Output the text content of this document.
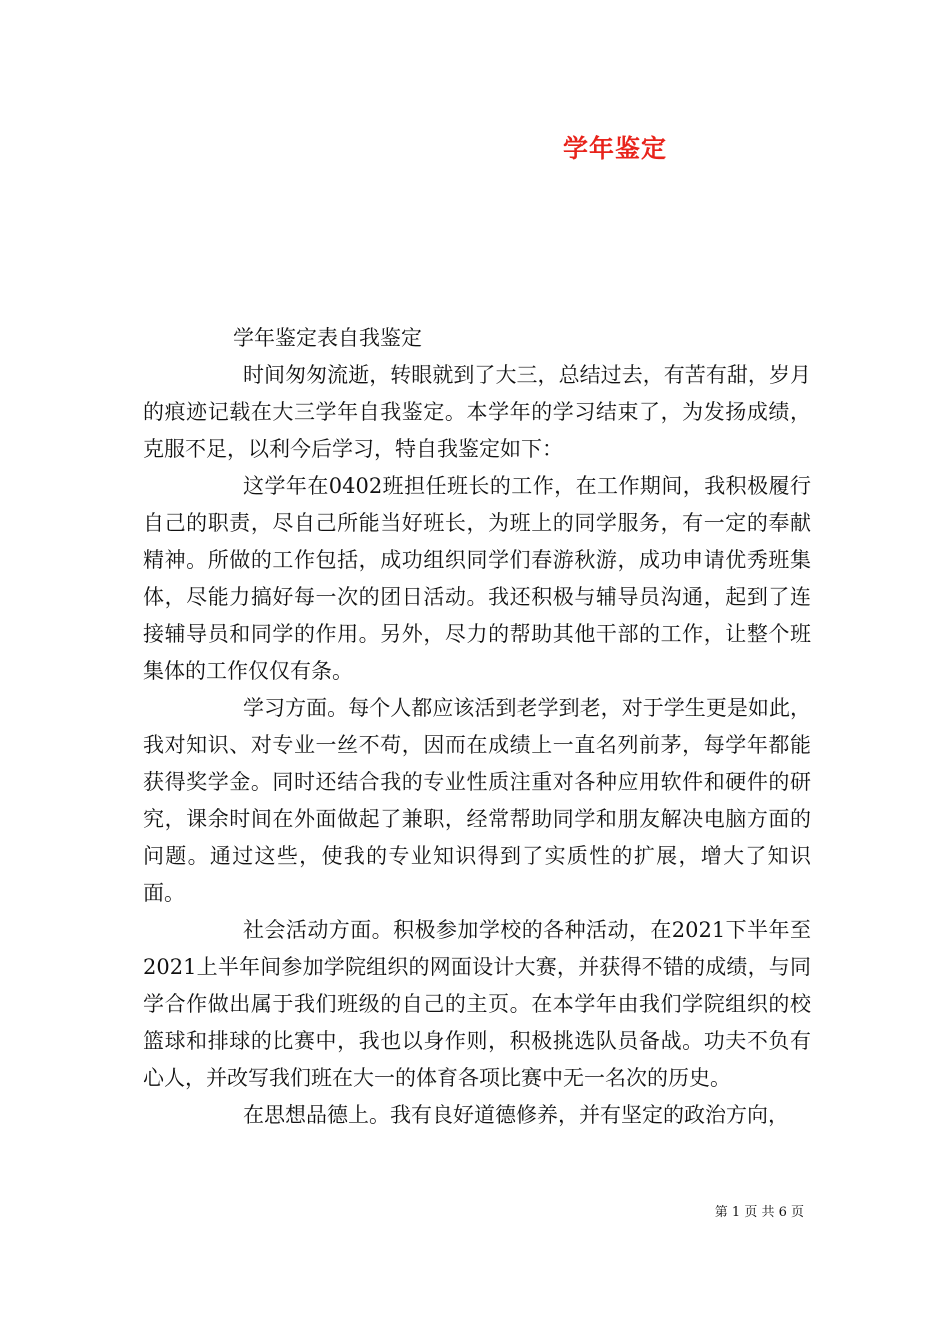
学年鉴定

学年鉴定表自我鉴定

时间匆匆流逝，转眼就到了大三，总结过去，有苦有甜，岁月的痕迹记载在大三学年自我鉴定。本学年的学习结束了，为发扬成绩，克服不足，以利今后学习，特自我鉴定如下：

这学年在0402班担任班长的工作，在工作期间，我积极履行自己的职责，尽自己所能当好班长，为班上的同学服务，有一定的奉献精神。所做的工作包括，成功组织同学们春游秋游，成功申请优秀班集体，尽能力搞好每一次的团日活动。我还积极与辅导员沟通，起到了连接辅导员和同学的作用。另外，尽力的帮助其他干部的工作，让整个班集体的工作仅仅有条。

学习方面。每个人都应该活到老学到老，对于学生更是如此，我对知识、对专业一丝不苟，因而在成绩上一直名列前茅，每学年都能获得奖学金。同时还结合我的专业性质注重对各种应用软件和硬件的研究，课余时间在外面做起了兼职，经常帮助同学和朋友解决电脑方面的问题。通过这些，使我的专业知识得到了实质性的扩展，增大了知识面。

社会活动方面。积极参加学校的各种活动，在2021下半年至2021上半年间参加学院组织的网面设计大赛，并获得不错的成绩，与同学合作做出属于我们班级的自己的主页。在本学年由我们学院组织的校篮球和排球的比赛中，我也以身作则，积极挑选队员备战。功夫不负有心人，并改写我们班在大一的体育各项比赛中无一名次的历史。

在思想品德上。我有良好道德修养，并有坚定的政治方向，

第 1 页 共 6 页
